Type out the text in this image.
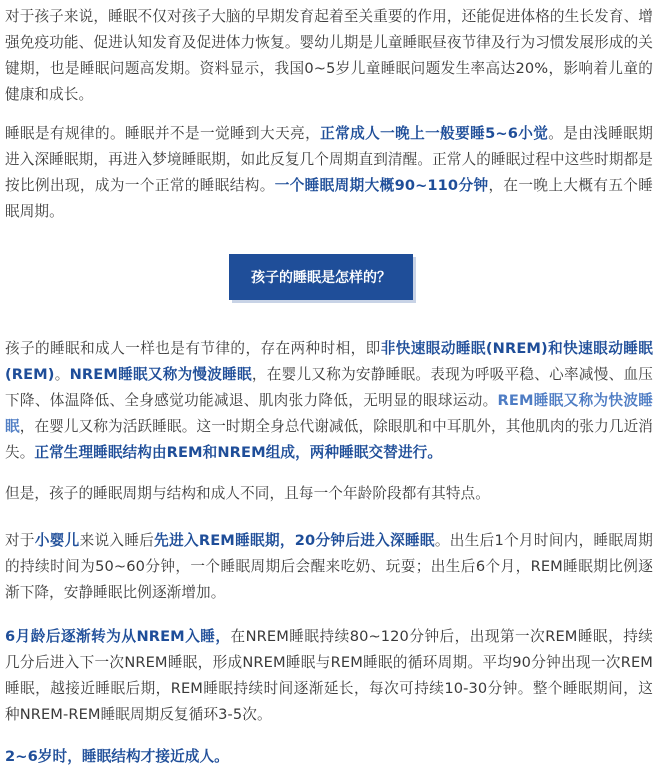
对于孩子来说，睡眠不仅对孩子大脑的早期发育起着至关重要的作用，还能促进体格的生长发育、增强免疫功能、促进认知发育及促进体力恢复。婴幼儿期是儿童睡眠昼夜节律及行为习惯发展形成的关键期，也是睡眠问题高发期。资料显示，我国0~5岁儿童睡眠问题发生率高达20%，影响着儿童的健康和成长。

睡眠是有规律的。睡眠并不是一觉睡到大天亮，正常成人一晚上一般要睡5~6小觉。是由浅睡眠期进入深睡眠期，再进入梦境睡眠期，如此反复几个周期直到清醒。正常人的睡眠过程中这些时期都是按比例出现，成为一个正常的睡眠结构。一个睡眠周期大概90~110分钟，在一晚上大概有五个睡眠周期。

孩子的睡眠是怎样的？

孩子的睡眠和成人一样也是有节律的，存在两种时相，即非快速眼动睡眠(NREM)和快速眼动睡眠(REM)。NREM睡眠又称为慢波睡眠，在婴儿又称为安静睡眠。表现为呼吸平稳、心率减慢、血压下降、体温降低、全身感觉功能减退、肌肉张力降低，无明显的眼球运动。REM睡眠又称为快波睡眠，在婴儿又称为活跃睡眠。这一时期全身总代谢减低，除眼肌和中耳肌外，其他肌肉的张力几近消失。正常生理睡眠结构由REM和NREM组成，两种睡眠交替进行。

但是，孩子的睡眠周期与结构和成人不同，且每一个年龄阶段都有其特点。

对于小婴儿来说入睡后先进入REM睡眠期，20分钟后进入深睡眠。出生后1个月时间内，睡眠周期的持续时间为50~60分钟，一个睡眠周期后会醒来吃奶、玩耍；出生后6个月，REM睡眠期比例逐渐下降，安静睡眠比例逐渐增加。

6月龄后逐渐转为从NREM入睡，在NREM睡眠持续80~120分钟后，出现第一次REM睡眠，持续几分后进入下一次NREM睡眠，形成NREM睡眠与REM睡眠的循环周期。平均90分钟出现一次REM睡眠，越接近睡眠后期，REM睡眠持续时间逐渐延长，每次可持续10-30分钟。整个睡眠期间，这种NREM-REM睡眠周期反复循环3-5次。

2~6岁时，睡眠结构才接近成人。
